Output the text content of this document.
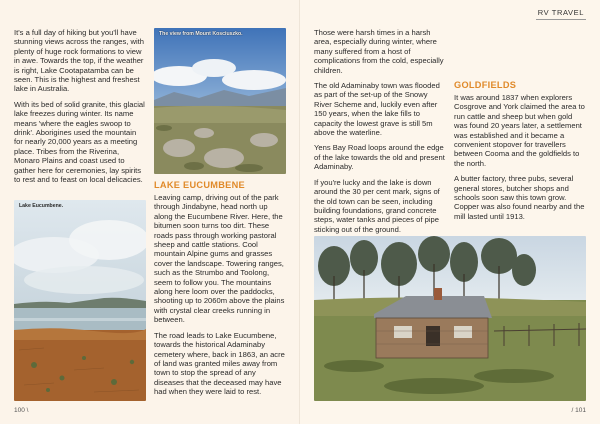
It's a full day of hiking but you'll have stunning views across the ranges, with plenty of huge rock formations to view in awe. Towards the top, if the weather is right, Lake Cootapatamba can be seen. This is the highest and freshest lake in Australia.

With its bed of solid granite, this glacial lake freezes during winter. Its name means 'where the eagles swoop to drink'. Aborigines used the mountain for nearly 20,000 years as a meeting place. Tribes from the Riverina, Monaro Plains and coast used to gather here for ceremonies, lay spirits to rest and to feast on local delicacies.

Lake Eucumbene.
The view from Mount Kosciuszko.
LAKE EUCUMBENE

Leaving camp, driving out of the park through Jindabyne, head north up along the Eucumbene River. Here, the bitumen soon turns too dirt. These roads pass through working pastoral sheep and cattle stations. Cool mountain Alpine gums and grasses cover the landscape. Towering ranges, such as the Strumbo and Toolong, seem to follow you. The mountains along here loom over the paddocks, shooting up to 2060m above the plains with crystal clear creeks running in between.

The road leads to Lake Eucumbene, towards the historical Adaminaby cemetery where, back in 1863, an acre of land was granted miles away from town to stop the spread of any diseases that the deceased may have had when they were laid to rest.

100 \
RV TRAVEL

Those were harsh times in a harsh area, especially during winter, where many suffered from a host of complications from the cold, especially children.

The old Adaminaby town was flooded as part of the set-up of the Snowy River Scheme and, luckily even after 150 years, when the lake fills to capacity the lowest grave is still 5m above the waterline.

Yens Bay Road loops around the edge of the lake towards the old and present Adaminaby.

If you're lucky and the lake is down around the 30 per cent mark, signs of the old town can be seen, including building foundations, grand concrete steps, water tanks and pieces of pipe sticking out of the ground.

GOLDFIELDS

It was around 1837 when explorers Cosgrove and York claimed the area to run cattle and sheep but when gold was found 20 years later, a settlement was established and it became a convenient stopover for travellers between Cooma and the goldfields to the north.

A butter factory, three pubs, several general stores, butcher shops and schools soon saw this town grow. Copper was also found nearby and the mill lasted until 1913.

/ 101
